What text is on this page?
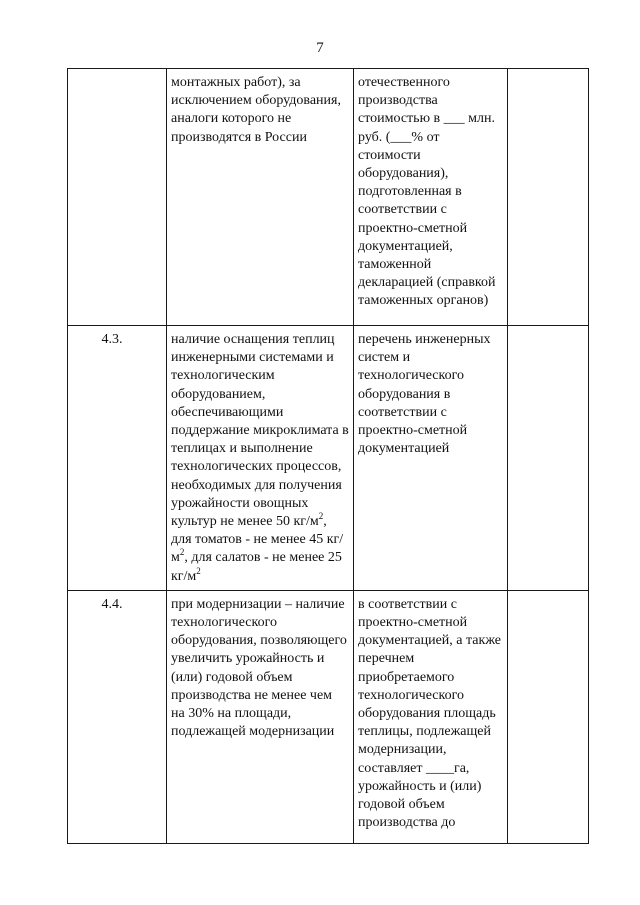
7
	монтажных работ), за исключением оборудования, аналоги которого не производятся в России	отечественного производства стоимостью в ___ млн. руб. (___% от стоимости оборудования), подготовленная в соответствии с проектно-сметной документацией, таможенной декларацией (справкой таможенных органов)	
4.3.	наличие оснащения теплиц инженерными системами и технологическим оборудованием, обеспечивающими поддержание микроклимата в теплицах и выполнение технологических процессов, необходимых для получения урожайности овощных культур не менее 50 $кг/м^2$, для томатов - не менее 45 $кг/м^2$, для салатов - не менее 25 $кг/м^2$	перечень инженерных систем и технологического оборудования в соответствии с проектно-сметной документацией	
4.4.	при модернизации – наличие технологического оборудования, позволяющего увеличить урожайность и (или) годовой объем производства не менее чем на 30% на площади, подлежащей модернизации	в соответствии с проектно-сметной документацией, а также перечнем приобретаемого технологического оборудования площадь теплицы, подлежащей модернизации, составляет ____га, урожайность и (или) годовой объем производства до	
